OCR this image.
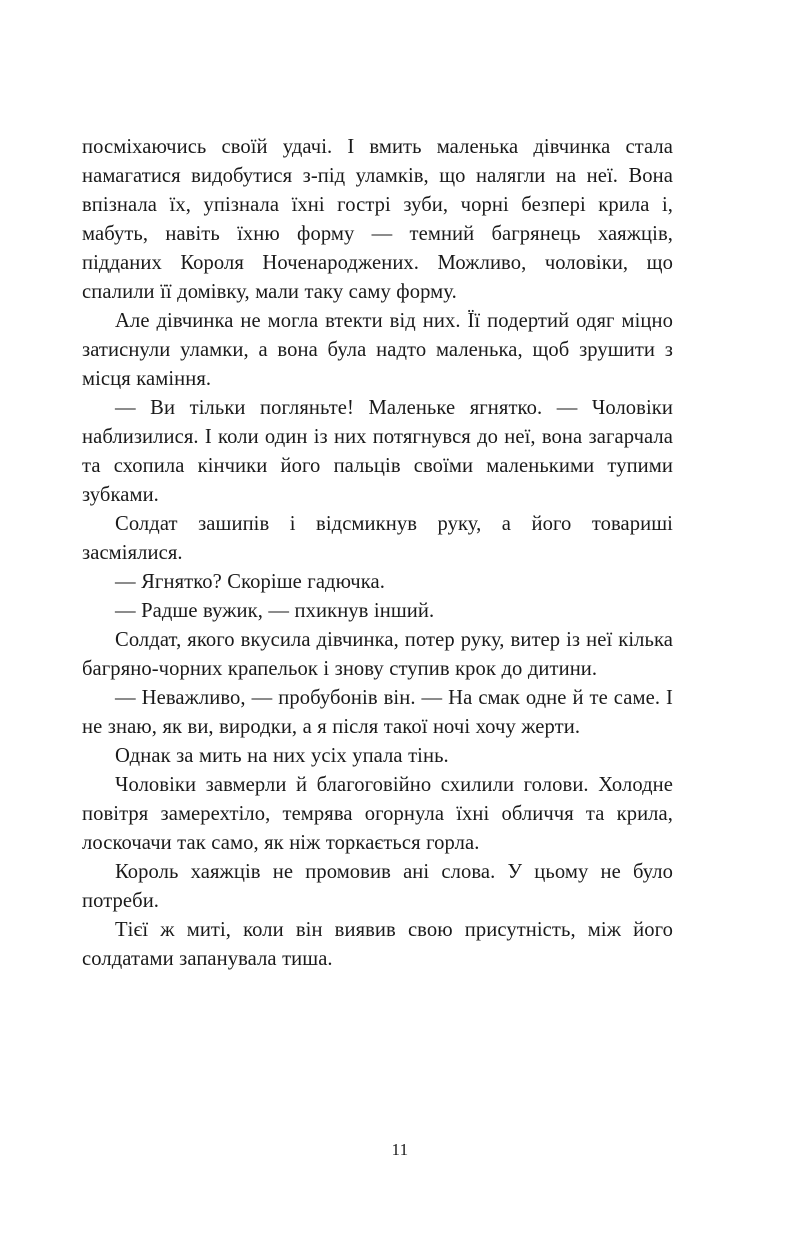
посміхаючись своїй удачі. І вмить маленька дівчинка стала намагатися видобутися з-під уламків, що налягли на неї. Вона впізнала їх, упізнала їхні гострі зуби, чорні безпері крила і, мабуть, навіть їхню форму — темний багрянець хаяжців, підданих Короля Ноченароджених. Можливо, чоловіки, що спалили її домівку, мали таку саму форму.

Але дівчинка не могла втекти від них. Її подертий одяг міцно затиснули уламки, а вона була надто маленька, щоб зрушити з місця каміння.

— Ви тільки погляньте! Маленьке ягнятко. — Чоловіки наблизилися. І коли один із них потягнувся до неї, вона загарчала та схопила кінчики його пальців своїми маленькими тупими зубками.

Солдат зашипів і відсмикнув руку, а його товариші засміялися.

— Ягнятко? Скоріше гадючка.

— Радше вужик, — пхикнув інший.

Солдат, якого вкусила дівчинка, потер руку, витер із неї кілька багряно-чорних крапельок і знову ступив крок до дитини.

— Неважливо, — пробубонів він. — На смак одне й те саме. І не знаю, як ви, виродки, а я після такої ночі хочу жерти.

Однак за мить на них усіх упала тінь.

Чоловіки завмерли й благоговійно схилили голови. Холодне повітря замерехтіло, темрява огорнула їхні обличчя та крила, лоскочачи так само, як ніж торкається горла.

Король хаяжців не промовив ані слова. У цьому не було потреби.

Тієї ж миті, коли він виявив свою присутність, між його солдатами запанувала тиша.

11
